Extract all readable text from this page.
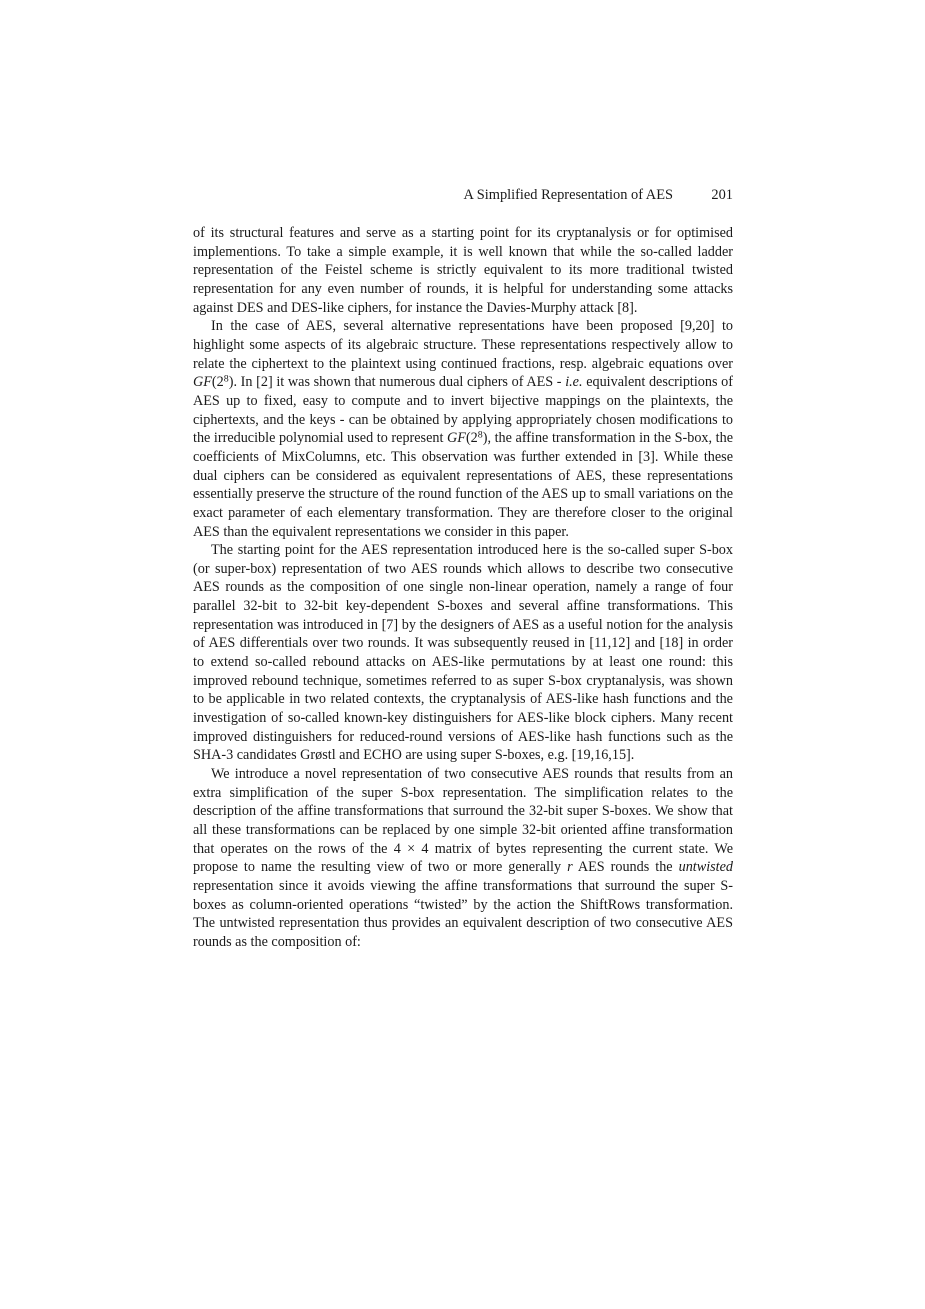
A Simplified Representation of AES	201

of its structural features and serve as a starting point for its cryptanalysis or for optimised implementions. To take a simple example, it is well known that while the so-called ladder representation of the Feistel scheme is strictly equivalent to its more traditional twisted representation for any even number of rounds, it is helpful for understanding some attacks against DES and DES-like ciphers, for instance the Davies-Murphy attack [8].

In the case of AES, several alternative representations have been proposed [9,20] to highlight some aspects of its algebraic structure. These representations respectively allow to relate the ciphertext to the plaintext using continued fractions, resp. algebraic equations over $GF(2^8)$. In [2] it was shown that numerous dual ciphers of AES - i.e. equivalent descriptions of AES up to fixed, easy to compute and to invert bijective mappings on the plaintexts, the ciphertexts, and the keys - can be obtained by applying appropriately chosen modifications to the irreducible polynomial used to represent $GF(2^8)$, the affine transformation in the S-box, the coefficients of MixColumns, etc. This observation was further extended in [3]. While these dual ciphers can be considered as equivalent representations of AES, these representations essentially preserve the structure of the round function of the AES up to small variations on the exact parameter of each elementary transformation. They are therefore closer to the original AES than the equivalent representations we consider in this paper.

The starting point for the AES representation introduced here is the so-called super S-box (or super-box) representation of two AES rounds which allows to describe two consecutive AES rounds as the composition of one single non-linear operation, namely a range of four parallel 32-bit to 32-bit key-dependent S-boxes and several affine transformations. This representation was introduced in [7] by the designers of AES as a useful notion for the analysis of AES differentials over two rounds. It was subsequently reused in [11,12] and [18] in order to extend so-called rebound attacks on AES-like permutations by at least one round: this improved rebound technique, sometimes referred to as super S-box cryptanalysis, was shown to be applicable in two related contexts, the cryptanalysis of AES-like hash functions and the investigation of so-called known-key distinguishers for AES-like block ciphers. Many recent improved distinguishers for reduced-round versions of AES-like hash functions such as the SHA-3 candidates Grøstl and ECHO are using super S-boxes, e.g. [19,16,15].

We introduce a novel representation of two consecutive AES rounds that results from an extra simplification of the super S-box representation. The simplification relates to the description of the affine transformations that surround the 32-bit super S-boxes. We show that all these transformations can be replaced by one simple 32-bit oriented affine transformation that operates on the rows of the 4 × 4 matrix of bytes representing the current state. We propose to name the resulting view of two or more generally r AES rounds the untwisted representation since it avoids viewing the affine transformations that surround the super S-boxes as column-oriented operations “twisted” by the action the ShiftRows transformation. The untwisted representation thus provides an equivalent description of two consecutive AES rounds as the composition of:
